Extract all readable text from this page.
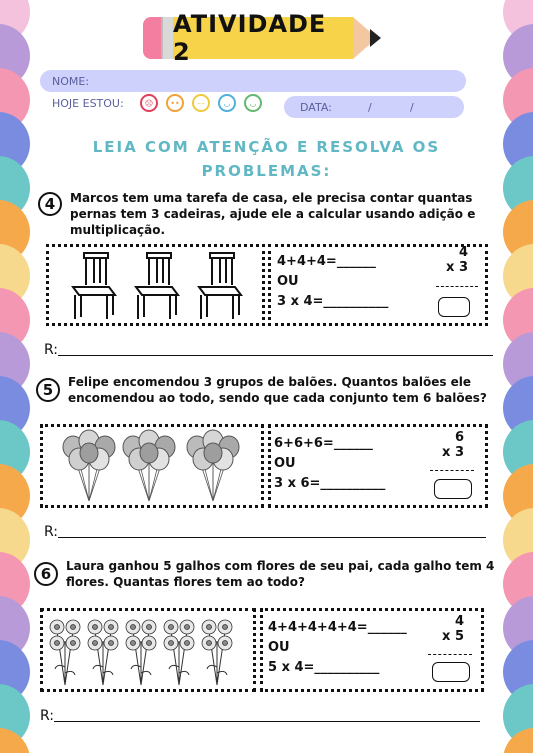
ATIVIDADE 2
NOME:
HOJE ESTOU:	☹	••	––	◡	◡	DATA:	/	/
LEIA COM ATENÇÃO E RESOLVA OS
PROBLEMAS:
4	Marcos tem uma tarefa de casa, ele precisa contar quantas
pernas tem 3 cadeiras, ajude ele a calcular usando adição e
multiplicação.
4+4+4=______
OU
3 x 4=__________
4
x 3
R:
5	Felipe encomendou 3 grupos de balões. Quantos balões ele
encomendou ao todo, sendo que cada conjunto tem 6 balões?
6+6+6=______
OU
3 x 6=__________
6
x 3
R:
6	Laura ganhou 5 galhos com flores de seu pai, cada galho tem 4
flores. Quantas flores tem ao todo?
4+4+4+4+4=______
OU
5 x 4=__________
4
x 5
R:
